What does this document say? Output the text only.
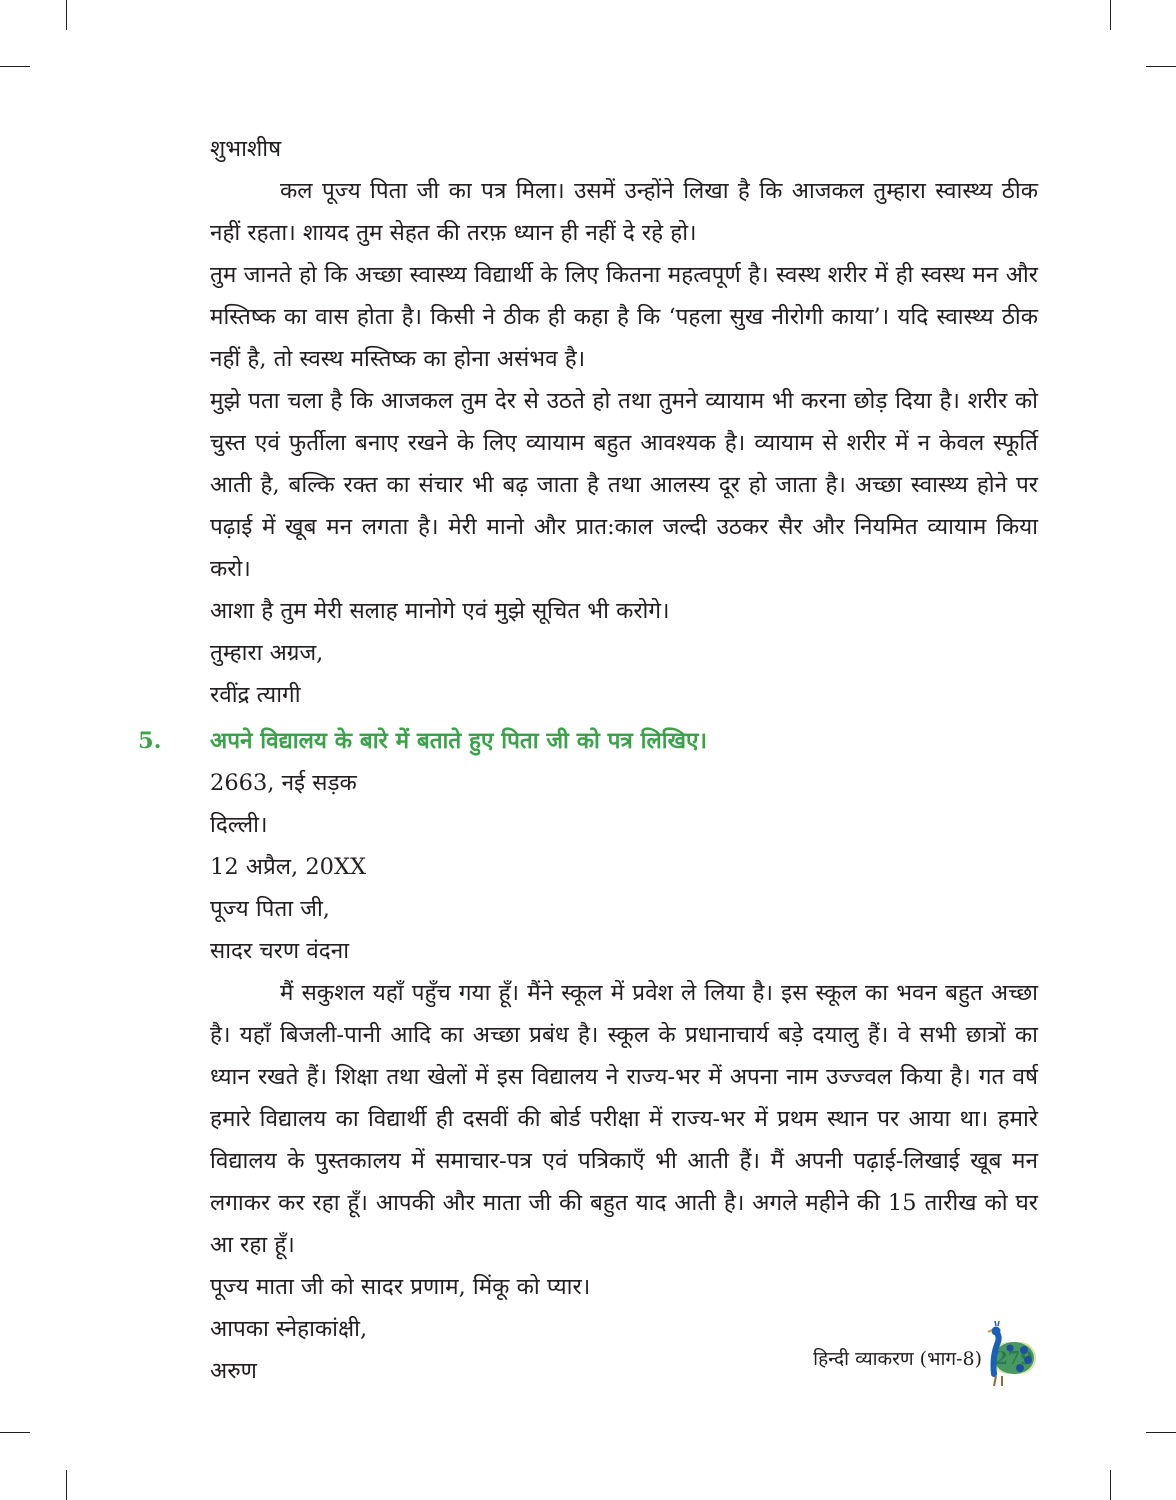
शुभाशीष
कल पूज्य पिता जी का पत्र मिला। उसमें उन्होंने लिखा है कि आजकल तुम्हारा स्वास्थ्य ठीक नहीं रहता। शायद तुम सेहत की तरफ़ ध्यान ही नहीं दे रहे हो।
तुम जानते हो कि अच्छा स्वास्थ्य विद्यार्थी के लिए कितना महत्वपूर्ण है। स्वस्थ शरीर में ही स्वस्थ मन और मस्तिष्क का वास होता है। किसी ने ठीक ही कहा है कि ‘पहला सुख नीरोगी काया’। यदि स्वास्थ्य ठीक नहीं है, तो स्वस्थ मस्तिष्क का होना असंभव है।
मुझे पता चला है कि आजकल तुम देर से उठते हो तथा तुमने व्यायाम भी करना छोड़ दिया है। शरीर को चुस्त एवं फुर्तीला बनाए रखने के लिए व्यायाम बहुत आवश्यक है। व्यायाम से शरीर में न केवल स्फूर्ति आती है, बल्कि रक्त का संचार भी बढ़ जाता है तथा आलस्य दूर हो जाता है। अच्छा स्वास्थ्य होने पर पढ़ाई में खूब मन लगता है। मेरी मानो और प्रात:काल जल्दी उठकर सैर और नियमित व्यायाम किया करो।
आशा है तुम मेरी सलाह मानोगे एवं मुझे सूचित भी करोगे।
तुम्हारा अग्रज,
रवींद्र त्यागी
5. अपने विद्यालय के बारे में बताते हुए पिता जी को पत्र लिखिए।
2663, नई सड़क
दिल्ली।
12 अप्रैल, 20XX
पूज्य पिता जी,
सादर चरण वंदना
मैं सकुशल यहाँ पहुँच गया हूँ। मैंने स्कूल में प्रवेश ले लिया है। इस स्कूल का भवन बहुत अच्छा है। यहाँ बिजली-पानी आदि का अच्छा प्रबंध है। स्कूल के प्रधानाचार्य बड़े दयालु हैं। वे सभी छात्रों का ध्यान रखते हैं। शिक्षा तथा खेलों में इस विद्यालय ने राज्य-भर में अपना नाम उज्ज्वल किया है। गत वर्ष हमारे विद्यालय का विद्यार्थी ही दसवीं की बोर्ड परीक्षा में राज्य-भर में प्रथम स्थान पर आया था। हमारे विद्यालय के पुस्तकालय में समाचार-पत्र एवं पत्रिकाएँ भी आती हैं। मैं अपनी पढ़ाई-लिखाई खूब मन लगाकर कर रहा हूँ। आपकी और माता जी की बहुत याद आती है। अगले महीने की 15 तारीख को घर आ रहा हूँ।
पूज्य माता जी को सादर प्रणाम, मिंकू को प्यार।
आपका स्नेहाकांक्षी,
अरुण	हिन्दी व्याकरण (भाग-8)
